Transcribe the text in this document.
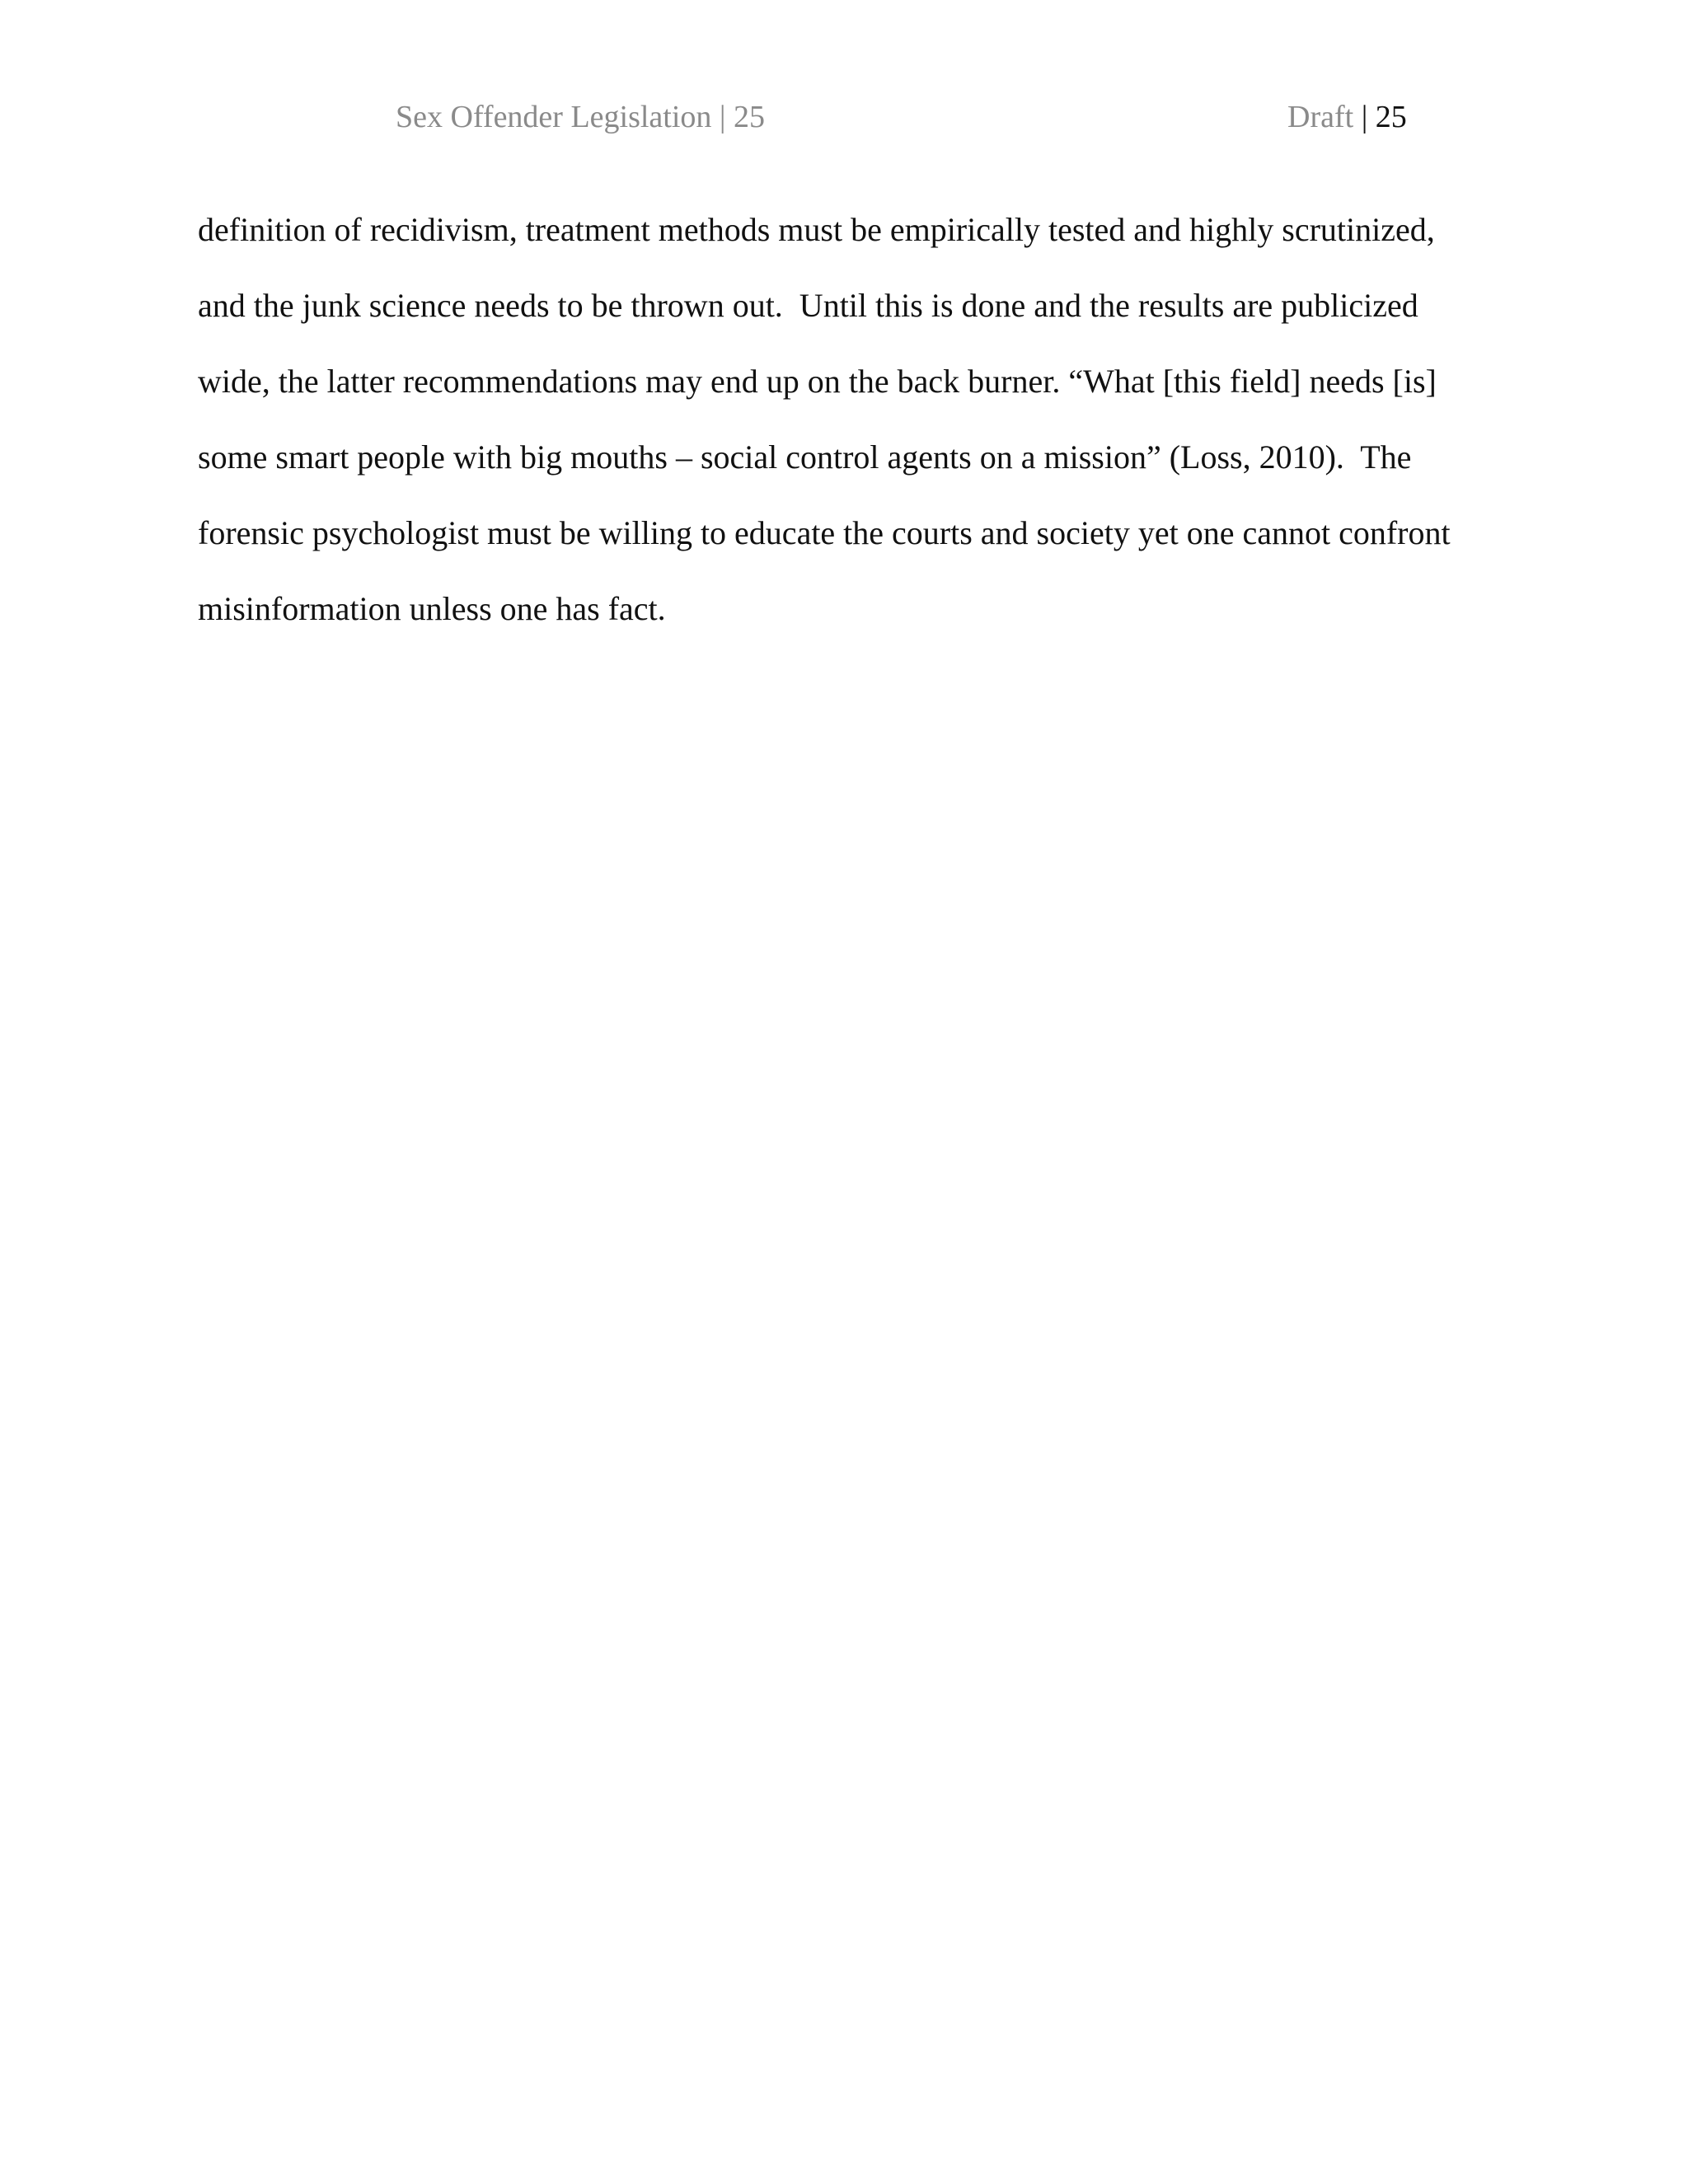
Sex Offender Legislation | 25	Draft | 25
definition of recidivism, treatment methods must be empirically tested and highly scrutinized,
and the junk science needs to be thrown out.  Until this is done and the results are publicized
wide, the latter recommendations may end up on the back burner. “What [this field] needs [is]
some smart people with big mouths – social control agents on a mission” (Loss, 2010).  The
forensic psychologist must be willing to educate the courts and society yet one cannot confront
misinformation unless one has fact.
